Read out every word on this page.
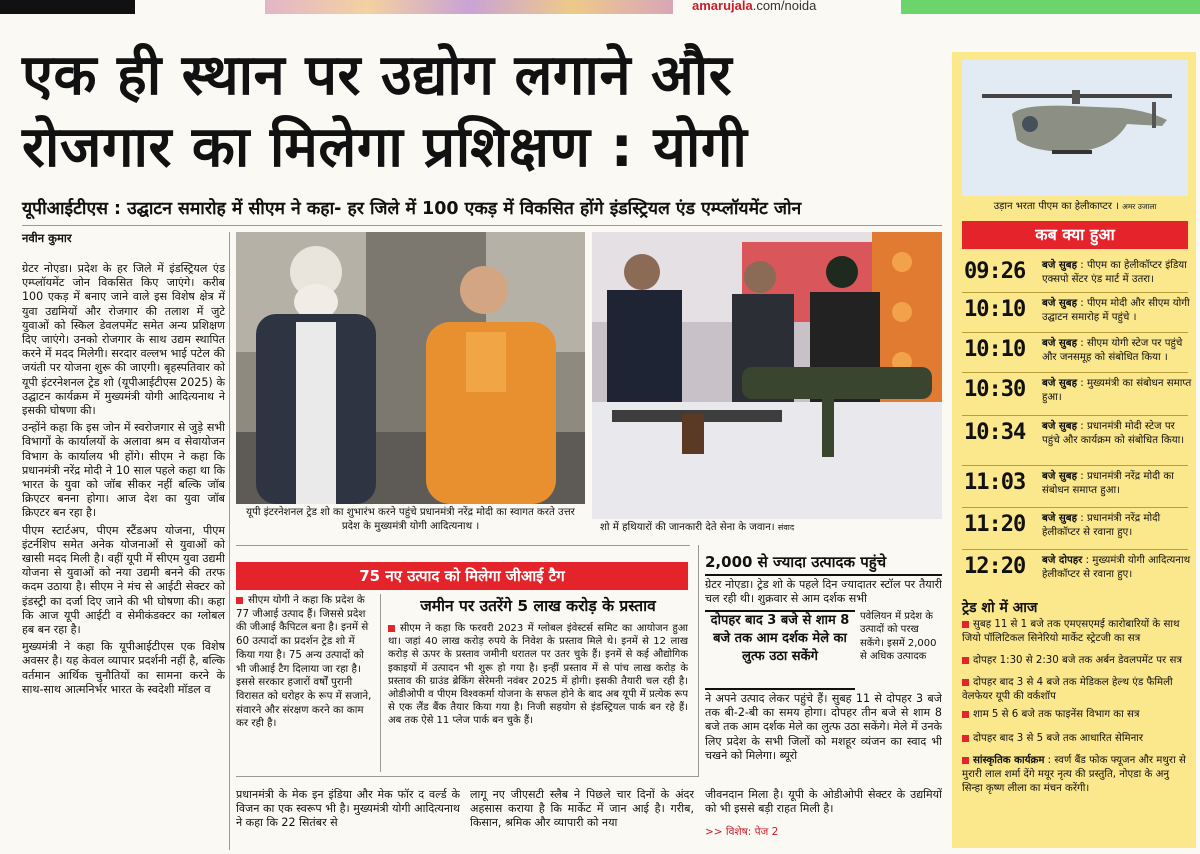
amarujala.com/noida
एक ही स्थान पर उद्योग लगाने और
रोजगार का मिलेगा प्रशिक्षण : योगी
यूपीआईटीएस : उद्घाटन समारोह में सीएम ने कहा- हर जिले में 100 एकड़ में विकसित होंगे इंडस्ट्रियल एंड एम्प्लॉयमेंट जोन
नवीन कुमार

ग्रेटर नोएडा। प्रदेश के हर जिले में इंडस्ट्रियल एंड एम्प्लॉयमेंट जोन विकसित किए जाएंगे। करीब 100 एकड़ में बनाए जाने वाले इस विशेष क्षेत्र में युवा उद्यमियों और रोजगार की तलाश में जुटे युवाओं को स्किल डेवलपमेंट समेत अन्य प्रशिक्षण दिए जाएंगे। उनको रोजगार के साथ उद्यम स्थापित करने में मदद मिलेगी। सरदार वल्लभ भाई पटेल की जयंती पर योजना शुरू की जाएगी। बृहस्पतिवार को यूपी इंटरनेशनल ट्रेड शो (यूपीआईटीएस 2025) के उद्घाटन कार्यक्रम में मुख्यमंत्री योगी आदित्यनाथ ने इसकी घोषणा की।

उन्होंने कहा कि इस जोन में स्वरोजगार से जुड़े सभी विभागों के कार्यालयों के अलावा श्रम व सेवायोजन विभाग के कार्यालय भी होंगे। सीएम ने कहा कि प्रधानमंत्री नरेंद्र मोदी ने 10 साल पहले कहा था कि भारत के युवा को जॉब सीकर नहीं बल्कि जॉब क्रिएटर बनना होगा। आज देश का युवा जॉब क्रिएटर बन रहा है।

पीएम स्टार्टअप, पीएम स्टैंडअप योजना, पीएम इंटर्नशिप समेत अनेक योजनाओं से युवाओं को खासी मदद मिली है। वहीं यूपी में सीएम युवा उद्यमी योजना से युवाओं को नया उद्यमी बनने की तरफ कदम उठाया है। सीएम ने मंच से आईटी सेक्टर को इंडस्ट्री का दर्जा दिए जाने की भी घोषणा की। कहा कि आज यूपी आईटी व सेमीकंडक्टर का ग्लोबल हब बन रहा है।

मुख्यमंत्री ने कहा कि यूपीआईटीएस एक विशेष अवसर है। यह केवल व्यापार प्रदर्शनी नहीं है, बल्कि वर्तमान आर्थिक चुनौतियों का सामना करने के साथ-साथ आत्मनिर्भर भारत के स्वदेशी मॉडल व

यूपी इंटरनेशनल ट्रेड शो का शुभारंभ करने पहुंचे प्रधानमंत्री नरेंद्र मोदी का स्वागत करते उत्तर प्रदेश के मुख्यमंत्री योगी आदित्यनाथ ।	शो में हथियारों की जानकारी देते सेना के जवान। संवाद
75 नए उत्पाद को मिलेगा जीआई टैग
सीएम योगी ने कहा कि प्रदेश के 77 जीआई उत्पाद हैं। जिससे प्रदेश की जीआई कैपिटल बना है। इनमें से 60 उत्पादों का प्रदर्शन ट्रेड शो में किया गया है। 75 अन्य उत्पादों को भी जीआई टैग दिलाया जा रहा है। इससे सरकार हजारों वर्षों पुरानी विरासत को धरोहर के रूप में सजाने, संवारने और संरक्षण करने का काम कर रही है।
जमीन पर उतरेंगे 5 लाख करोड़ के प्रस्ताव
सीएम ने कहा कि फरवरी 2023 में ग्लोबल इंवेस्टर्स समिट का आयोजन हुआ था। जहां 40 लाख करोड़ रुपये के निवेश के प्रस्ताव मिले थे। इनमें से 12 लाख करोड़ से ऊपर के प्रस्ताव जमीनी धरातल पर उतर चुके हैं। इनमें से कई औद्योगिक इकाइयों में उत्पादन भी शुरू हो गया है। इन्हीं प्रस्ताव में से पांच लाख करोड़ के प्रस्ताव की ग्राउंड ब्रेकिंग सेरेमनी नवंबर 2025 में होगी। इसकी तैयारी चल रही है। ओडीओपी व पीएम विश्वकर्मा योजना के सफल होने के बाद अब यूपी में प्रत्येक रूप से एक लैंड बैंक तैयार किया गया है। निजी सहयोग से इंडस्ट्रियल पार्क बन रहे हैं। अब तक ऐसे 11 प्लेज पार्क बन चुके हैं।
प्रधानमंत्री के मेक इन इंडिया और मेक फॉर द वर्ल्ड के विजन का एक स्वरूप भी है। मुख्यमंत्री योगी आदित्यनाथ ने कहा कि 22 सितंबर से
लागू नए जीएसटी स्लैब ने पिछले चार दिनों के अंदर अहसास कराया है कि मार्केट में जान आई है। गरीब, किसान, श्रमिक और व्यापारी को नया
जीवनदान मिला है। यूपी के ओडीओपी सेक्टर के उद्यमियों को भी इससे बड़ी राहत मिली है।
>> विशेष: पेज 2
2,000 से ज्यादा उत्पादक पहुंचे
ग्रेटर नोएडा। ट्रेड शो के पहले दिन ज्यादातर स्टॉल पर तैयारी चल रही थी। शुक्रवार से आम दर्शक सभी
दोपहर बाद 3 बजे से शाम 8 बजे तक आम दर्शक मेले का लुत्फ उठा सकेंगे
पवेलियन में प्रदेश के उत्पादों को परख सकेंगे। इसमें 2,000 से अधिक उत्पादक
ने अपने उत्पाद लेकर पहुंचे हैं। सुबह 11 से दोपहर 3 बजे तक बी-2-बी का समय होगा। दोपहर तीन बजे से शाम 8 बजे तक आम दर्शक मेले का लुत्फ उठा सकेंगे। मेले में उनके लिए प्रदेश के सभी जिलों को मशहूर व्यंजन का स्वाद भी चखने को मिलेगा। ब्यूरो
उड़ान भरता पीएम का हेलीकाप्टर । अमर उजाला
कब क्या हुआ
09:26 बजे सुबह : पीएम का हेलीकॉप्टर इंडिया एक्सपो सेंटर एंड मार्ट में उतरा।
10:10 बजे सुबह : पीएम मोदी और सीएम योगी उद्घाटन समारोह में पहुंचे ।
10:10 बजे सुबह : सीएम योगी स्टेज पर पहुंचे और जनसमूह को संबोधित किया ।
10:30 बजे सुबह : मुख्यमंत्री का संबोधन समाप्त हुआ।
10:34 बजे सुबह : प्रधानमंत्री मोदी स्टेज पर पहुंचे और कार्यक्रम को संबोधित किया।
11:03 बजे सुबह : प्रधानमंत्री नरेंद्र मोदी का संबोधन समाप्त हुआ।
11:20 बजे सुबह : प्रधानमंत्री नरेंद्र मोदी हेलीकॉप्टर से रवाना हुए।
12:20 बजे दोपहर : मुख्यमंत्री योगी आदित्यनाथ हेलीकॉप्टर से रवाना हुए।
ट्रेड शो में आज
सुबह 11 से 1 बजे तक एमएसएमई कारोबारियों के साथ जियो पॉलिटिकल सिनेरियो मार्केट स्ट्रेटजी का सत्र
दोपहर 1:30 से 2:30 बजे तक अर्बन डेवलपमेंट पर सत्र
दोपहर बाद 3 से 4 बजे तक मेडिकल हेल्थ एंड फैमिली वेलफेयर यूपी की वर्कशॉप
शाम 5 से 6 बजे तक फाइनेंस विभाग का सत्र
दोपहर बाद 3 से 5 बजे तक आधारित सेमिनार
सांस्कृतिक कार्यक्रम : स्वर्ण बैंड फोक फ्यूजन और मथुरा से मुरारी लाल शर्मा देंगे मयूर नृत्य की प्रस्तुति, नोएडा के अनु सिन्हा कृष्ण लीला का मंचन करेंगी।
